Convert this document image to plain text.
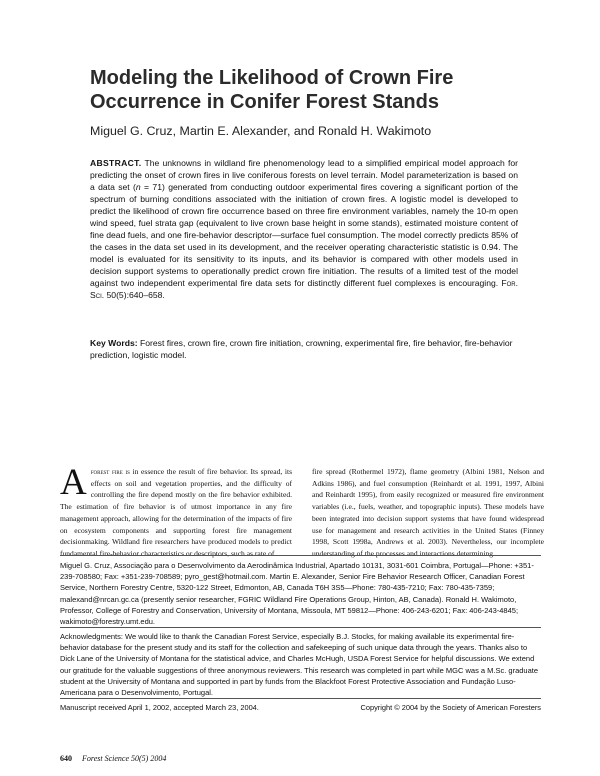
Modeling the Likelihood of Crown Fire Occurrence in Conifer Forest Stands
Miguel G. Cruz, Martin E. Alexander, and Ronald H. Wakimoto
ABSTRACT. The unknowns in wildland fire phenomenology lead to a simplified empirical model approach for predicting the onset of crown fires in live coniferous forests on level terrain. Model parameterization is based on a data set (n = 71) generated from conducting outdoor experimental fires covering a significant portion of the spectrum of burning conditions associated with the initiation of crown fires. A logistic model is developed to predict the likelihood of crown fire occurrence based on three fire environment variables, namely the 10-m open wind speed, fuel strata gap (equivalent to live crown base height in some stands), estimated moisture content of fine dead fuels, and one fire-behavior descriptor—surface fuel consumption. The model correctly predicts 85% of the cases in the data set used in its development, and the receiver operating characteristic statistic is 0.94. The model is evaluated for its sensitivity to its inputs, and its behavior is compared with other models used in decision support systems to operationally predict crown fire initiation. The results of a limited test of the model against two independent experimental fire data sets for distinctly different fuel complexes is encouraging. For. Sci. 50(5):640–658.
Key Words: Forest fires, crown fire, crown fire initiation, crowning, experimental fire, fire behavior, fire-behavior prediction, logistic model.
Aforest fire is in essence the result of fire behavior. Its spread, its effects on soil and vegetation properties, and the difficulty of controlling the fire depend mostly on the fire behavior exhibited. The estimation of fire behavior is of utmost importance in any fire management approach, allowing for the determination of the impacts of fire on ecosystem components and supporting forest fire management decisionmaking. Wildland fire researchers have produced models to predict fundamental fire-behavior characteristics or descriptors, such as rate of
fire spread (Rothermel 1972), flame geometry (Albini 1981, Nelson and Adkins 1986), and fuel consumption (Reinhardt et al. 1991, 1997, Albini and Reinhardt 1995), from easily recognized or measured fire environment variables (i.e., fuels, weather, and topographic inputs). These models have been integrated into decision support systems that have found widespread use for management and research activities in the United States (Finney 1998, Scott 1998a, Andrews et al. 2003). Nevertheless, our incomplete understanding of the processes and interactions determining
Miguel G. Cruz, Associação para o Desenvolvimento da Aerodinâmica Industrial, Apartado 10131, 3031-601 Coimbra, Portugal—Phone: +351-239-708580; Fax: +351-239-708589; pyro_gest@hotmail.com. Martin E. Alexander, Senior Fire Behavior Research Officer, Canadian Forest Service, Northern Forestry Centre, 5320-122 Street, Edmonton, AB, Canada T6H 3S5—Phone: 780-435-7210; Fax: 780-435-7359; malexand@nrcan.gc.ca (presently senior researcher, FGRIC Wildland Fire Operations Group, Hinton, AB, Canada). Ronald H. Wakimoto, Professor, College of Forestry and Conservation, University of Montana, Missoula, MT 59812—Phone: 406-243-6201; Fax: 406-243-4845; wakimoto@forestry.umt.edu.
Acknowledgments: We would like to thank the Canadian Forest Service, especially B.J. Stocks, for making available its experimental fire-behavior database for the present study and its staff for the collection and safekeeping of such unique data through the years. Thanks also to Dick Lane of the University of Montana for the statistical advice, and Charles McHugh, USDA Forest Service for helpful discussions. We extend our gratitude for the valuable suggestions of three anonymous reviewers. This research was completed in part while MGC was a M.Sc. graduate student at the University of Montana and supported in part by funds from the Blackfoot Forest Protective Association and Fundação Luso-Americana para o Desenvolvimento, Portugal.
Manuscript received April 1, 2002, accepted March 23, 2004.	Copyright © 2004 by the Society of American Foresters
640 Forest Science 50(5) 2004
